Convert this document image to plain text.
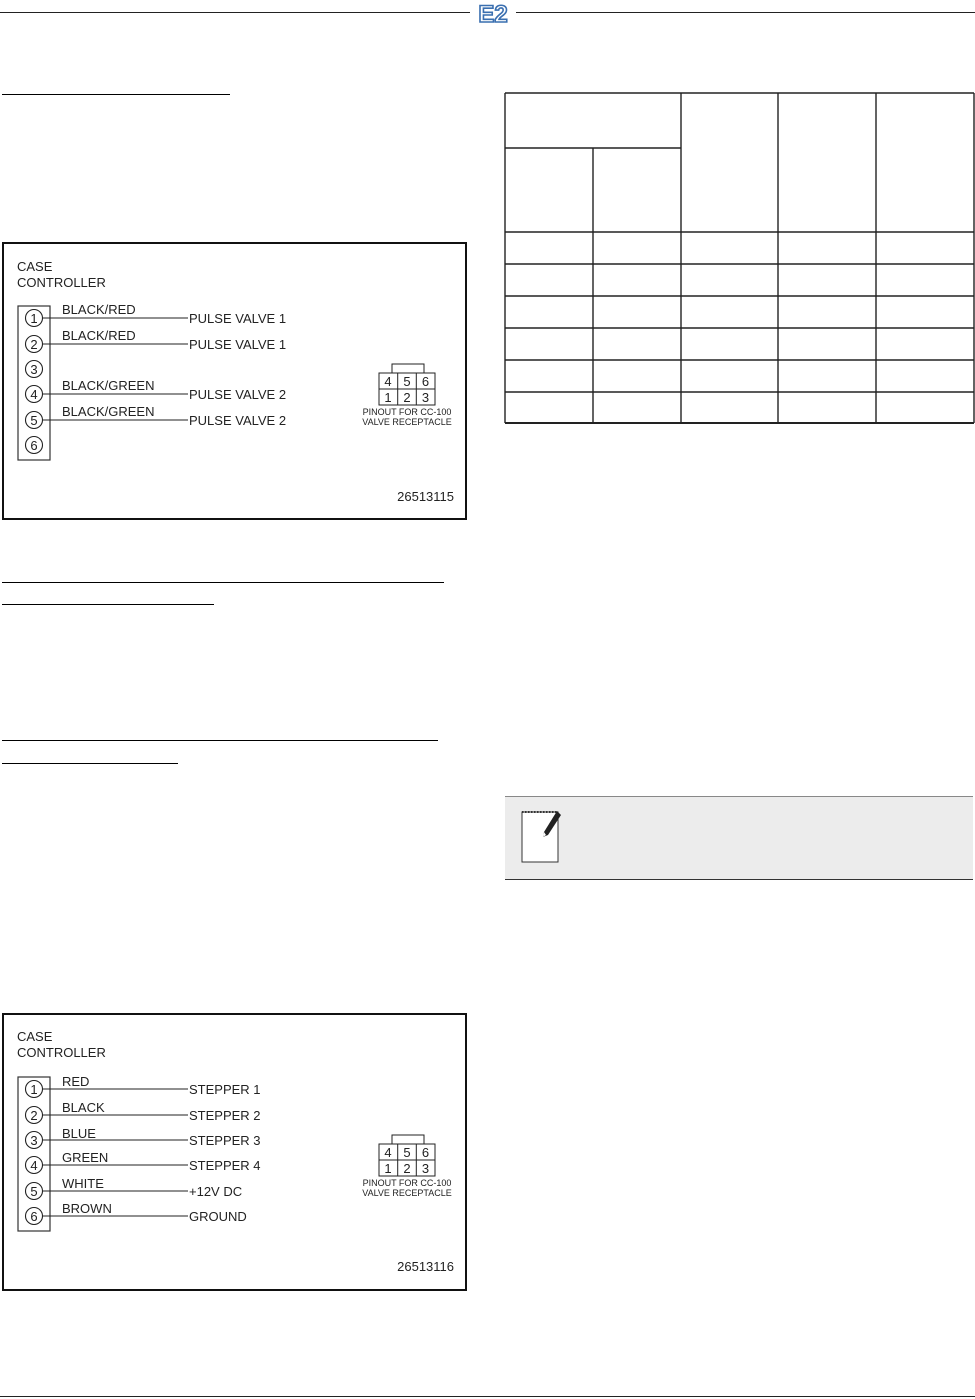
E2
CASE
CONTROLLER
1
BLACK/RED
PULSE VALVE 1
2
BLACK/RED
PULSE VALVE 1
3
4
BLACK/GREEN
PULSE VALVE 2
5
BLACK/GREEN
PULSE VALVE 2
6
4 5 6
1 2 3
PINOUT FOR CC-100
VALVE RECEPTACLE
26513115
CASE
CONTROLLER
1
RED
STEPPER 1
2
BLACK
STEPPER 2
3 BLUE	STEPPER 3
4
GREEN
STEPPER 4
5
WHITE
+12V DC
6
BROWN
GROUND
4 5 6
1 2 3
PINOUT FOR CC-100
VALVE RECEPTACLE
26513116
